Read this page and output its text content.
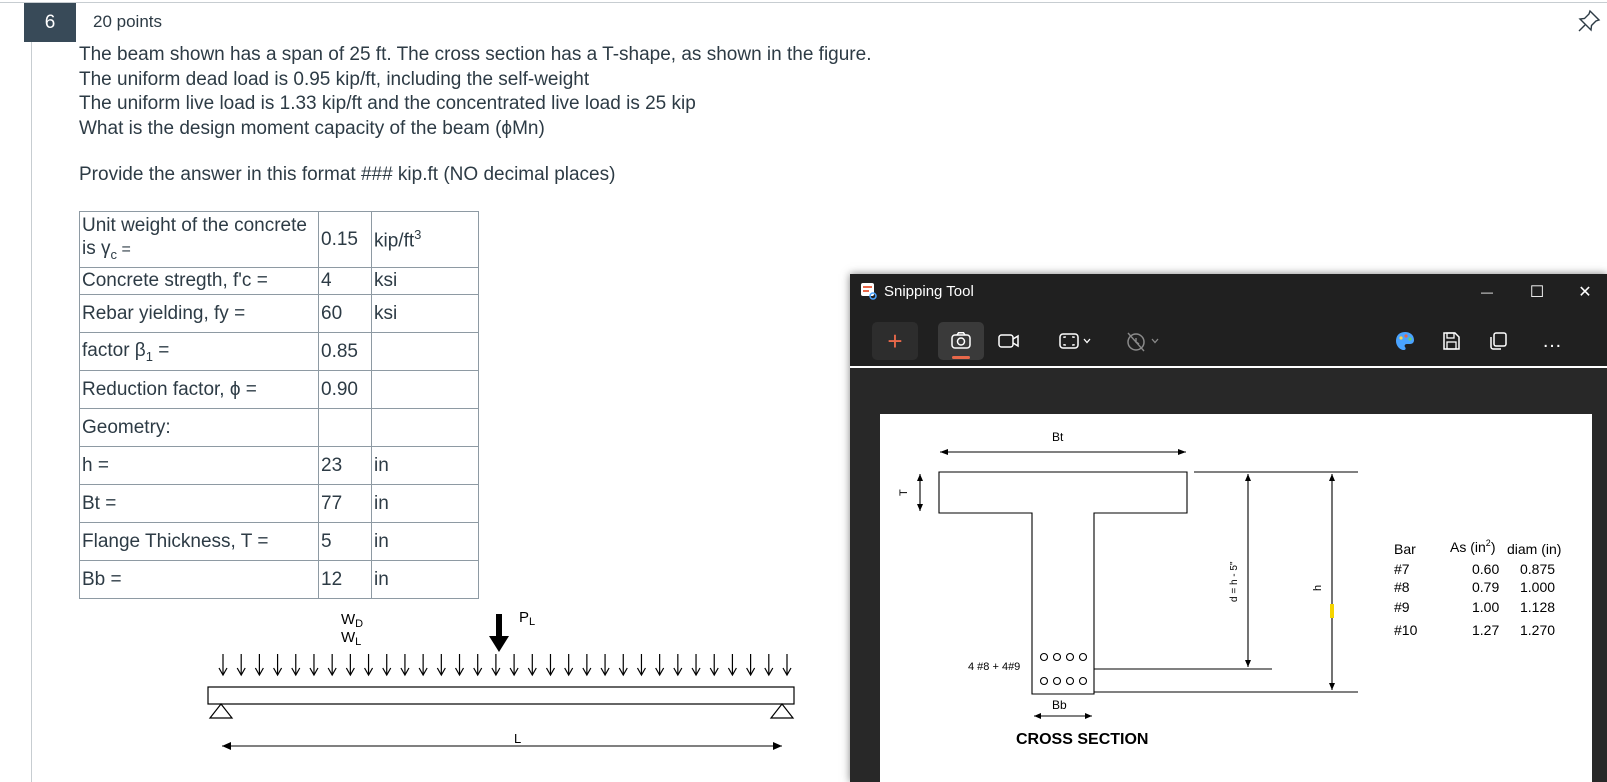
6 20 points

The beam shown has a span of 25 ft. The cross section has a T-shape, as shown in the figure.

The uniform dead load is 0.95 kip/ft, including the self-weight

The uniform live load is 1.33 kip/ft and the concentrated live load is 25 kip

What is the design moment capacity of the beam (ϕMn)

Provide the answer in this format ### kip.ft (NO decimal places)

Unit weight of the concrete
is $\gamma_c$ =	0.15	kip/$ft^3$
Concrete stregth, f'c =	4	ksi
Rebar yielding, fy =	60	ksi
factor $\beta_1$ =	0.85	
Reduction factor, ϕ =	0.90	
Geometry:		
h =	23	in
Bt =	77	in
Flange Thickness, T =	5	in
Bb =	12	in
$W_D$
$W_L$
$P_L$
L
Snipping Tool	— ☐ ✕
+	…
Bt
T
d = h - 5"	h
4 #8 + 4#9
Bb
CROSS SECTION
Bar As $(in^2)$ diam (in)
#7	0.60 0.875
#8	0.79 1.000
#9	1.00 1.128
#10	1.27 1.270
